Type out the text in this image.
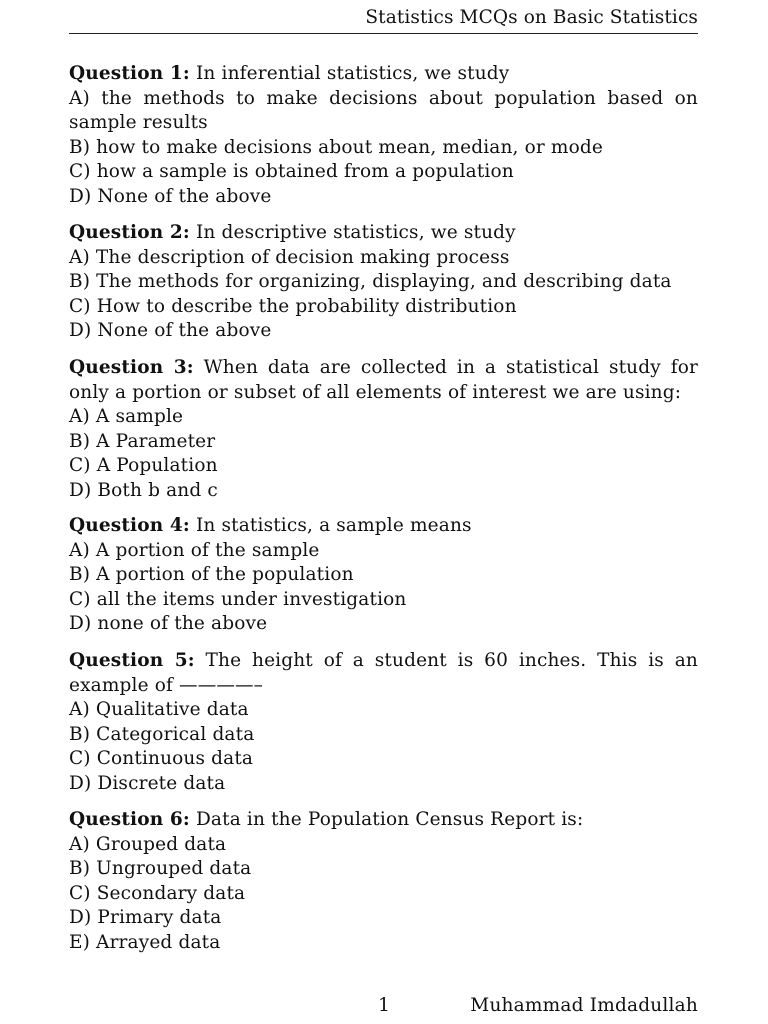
Statistics MCQs on Basic Statistics
Question 1: In inferential statistics, we study
A) the methods to make decisions about population based on sample results
B) how to make decisions about mean, median, or mode
C) how a sample is obtained from a population
D) None of the above
Question 2: In descriptive statistics, we study
A) The description of decision making process
B) The methods for organizing, displaying, and describing data
C) How to describe the probability distribution
D) None of the above
Question 3: When data are collected in a statistical study for only a portion or subset of all elements of interest we are using:
A) A sample
B) A Parameter
C) A Population
D) Both b and c
Question 4: In statistics, a sample means
A) A portion of the sample
B) A portion of the population
C) all the items under investigation
D) none of the above
Question 5: The height of a student is 60 inches. This is an example of ————–
A) Qualitative data
B) Categorical data
C) Continuous data
D) Discrete data
Question 6: Data in the Population Census Report is:
A) Grouped data
B) Ungrouped data
C) Secondary data
D) Primary data
E) Arrayed data
1	Muhammad Imdadullah
